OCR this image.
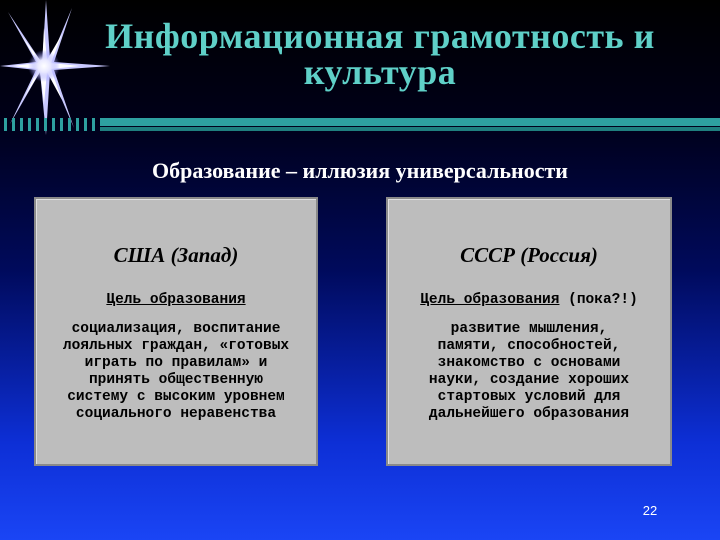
Информационная грамотность и
культура
Образование – иллюзия универсальности
США (Запад)
Цель образования
социализация, воспитание
лояльных граждан, «готовых
играть по правилам» и
принять общественную
систему с высоким уровнем
социального неравенства
СССР (Россия)
Цель образования (пока?!)
развитие мышления,
памяти, способностей,
знакомство с основами
науки, создание хороших
стартовых условий для
дальнейшего образования
22
